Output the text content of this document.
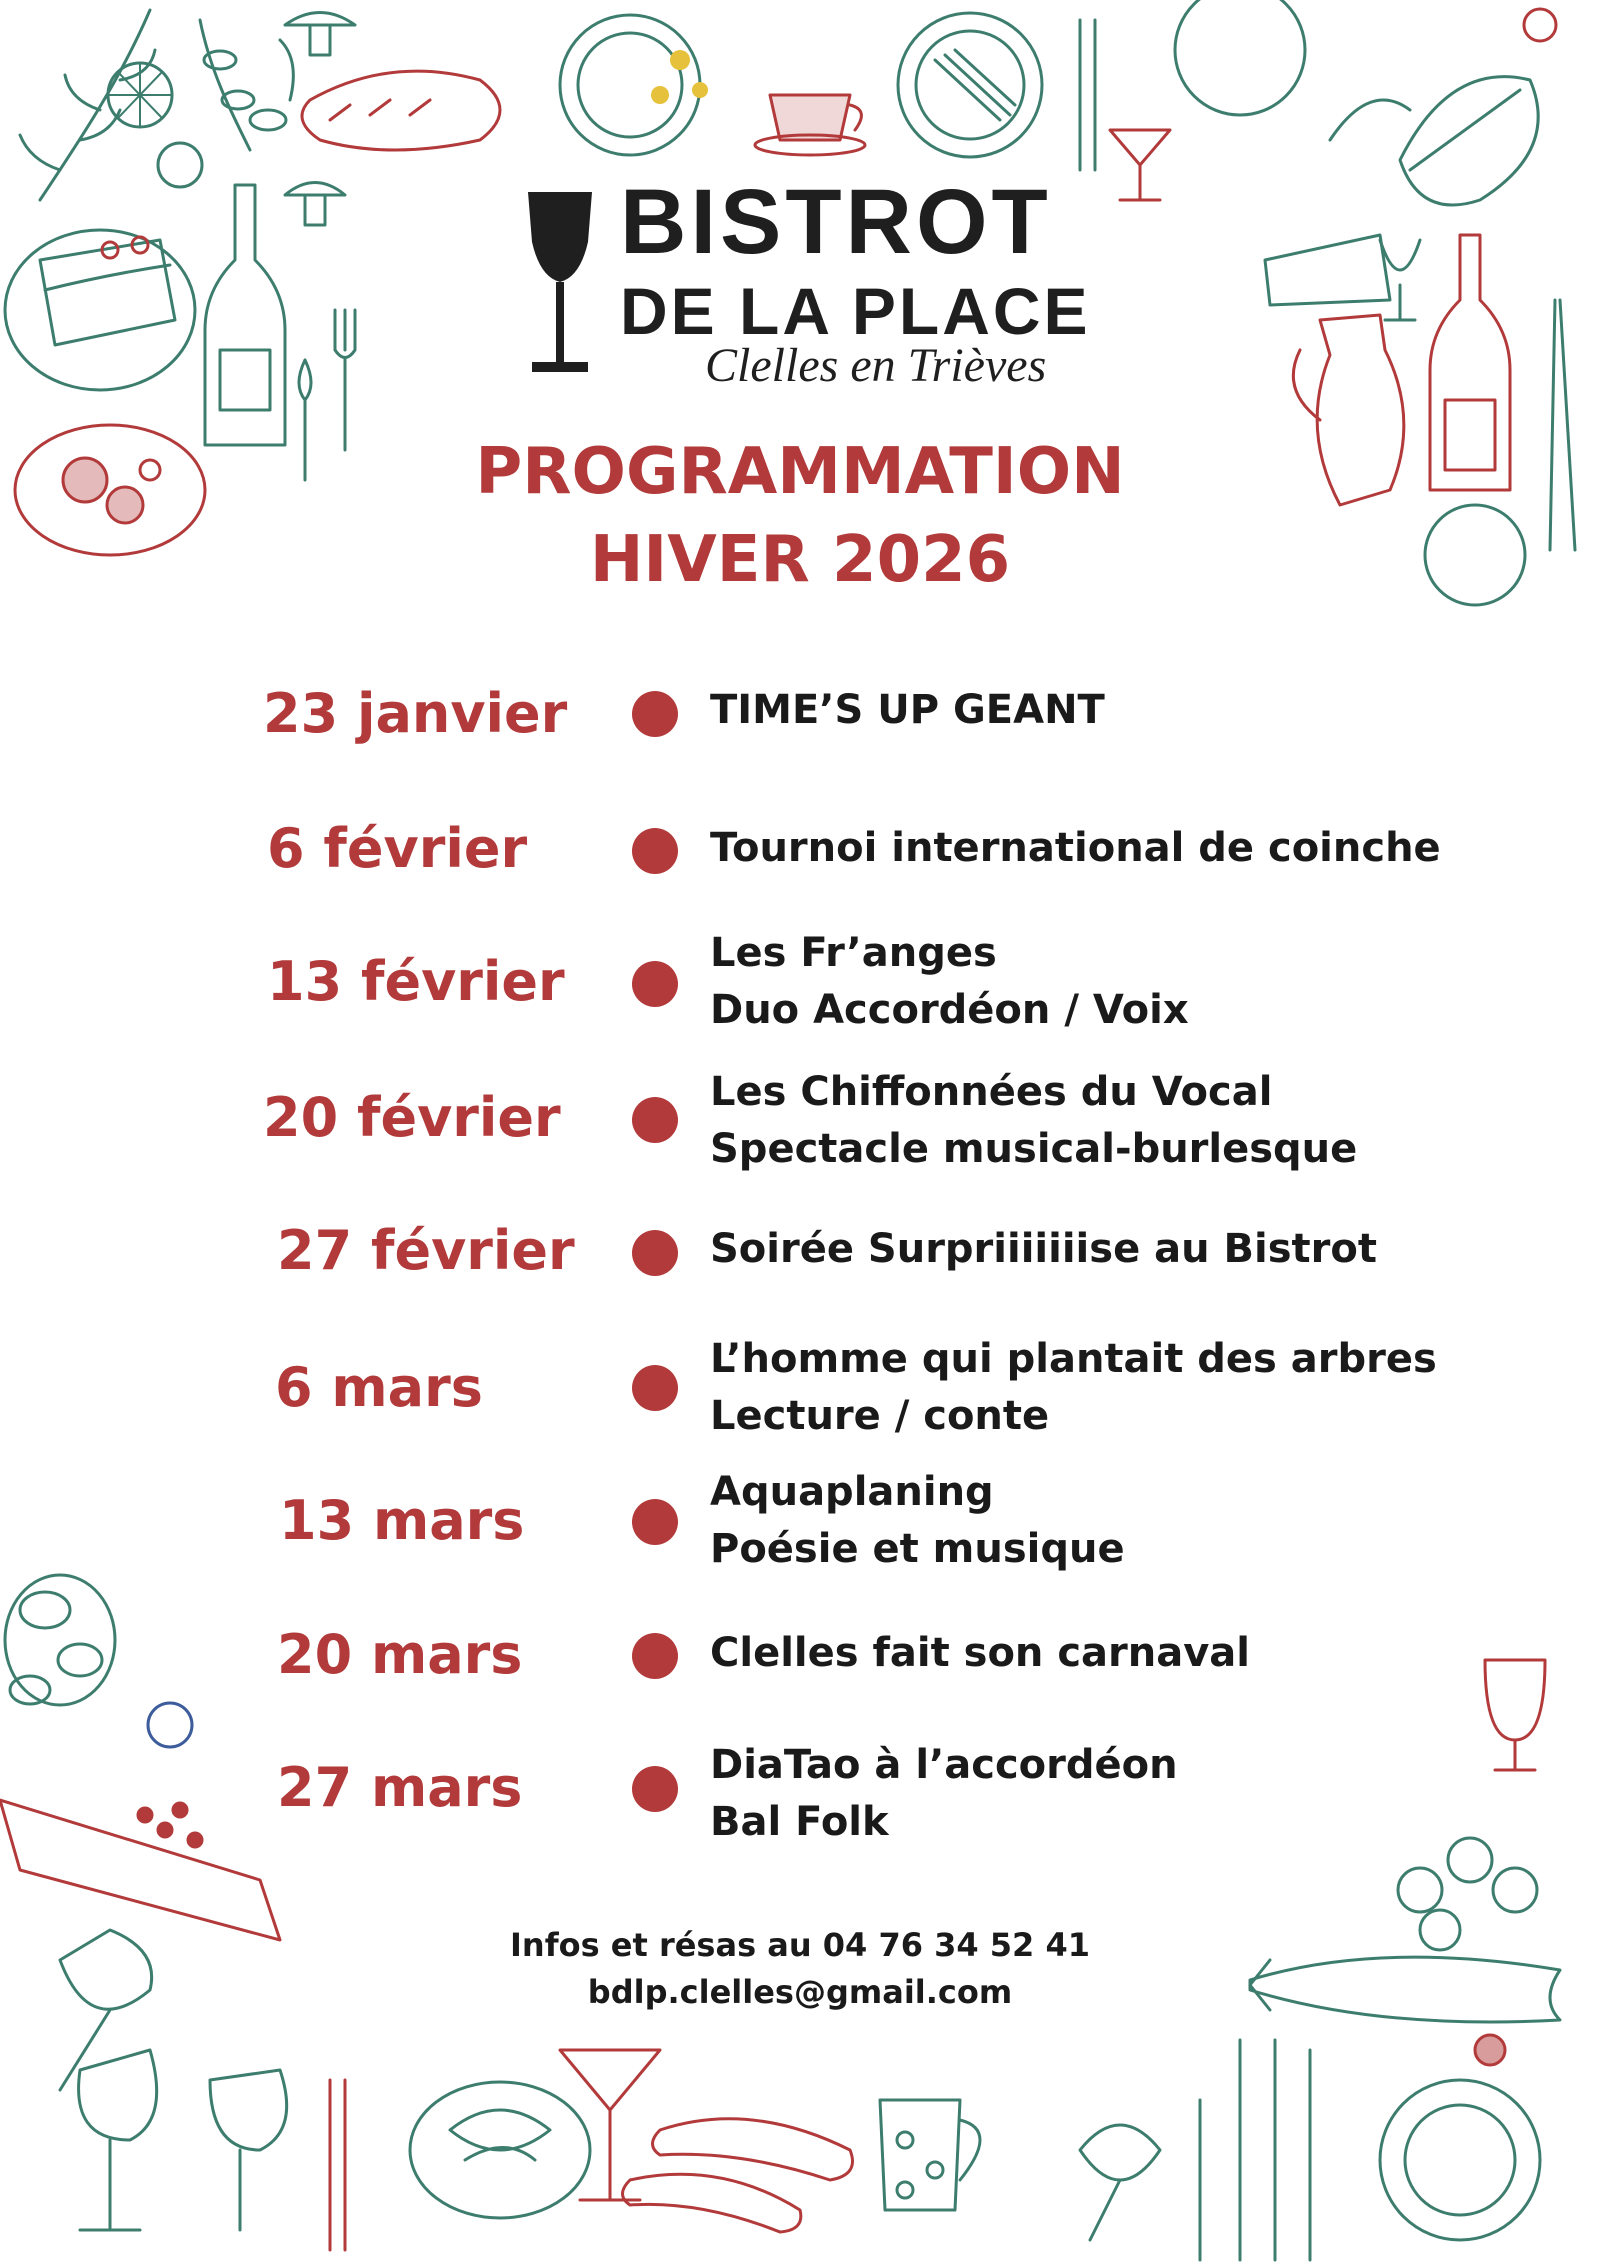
BISTROT
DE LA PLACE
Clelles en Trièves
PROGRAMMATION
HIVER 2026
23 janvier	TIME’S UP GEANT
6 février	Tournoi international de coinche
13 février	Les Fr’anges
Duo Accordéon / Voix
20 février	Les Chiffonnées du Vocal
Spectacle musical-burlesque
27 février	Soirée Surpriiiiiiise au Bistrot
6 mars	L’homme qui plantait des arbres
Lecture / conte
13 mars	Aquaplaning
Poésie et musique
20 mars	Clelles fait son carnaval
27 mars	DiaTao à l’accordéon
Bal Folk
Infos et résas au 04 76 34 52 41
bdlp.clelles@gmail.com
